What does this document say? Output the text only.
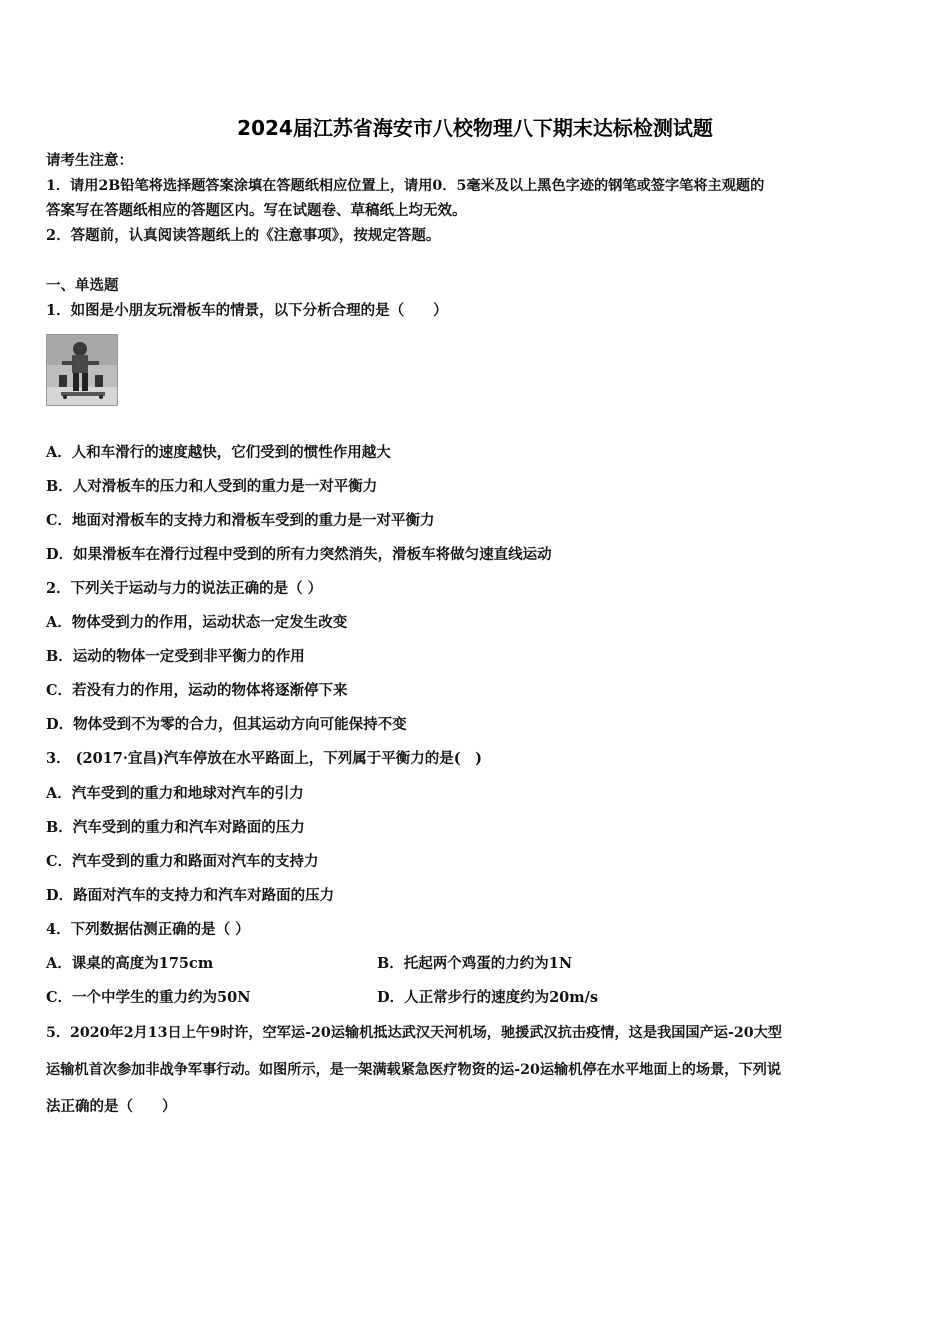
2024届江苏省海安市八校物理八下期末达标检测试题
请考生注意：
1．请用2B铅笔将选择题答案涂填在答题纸相应位置上，请用0．5毫米及以上黑色字迹的钢笔或签字笔将主观题的
答案写在答题纸相应的答题区内。写在试题卷、草稿纸上均无效。
2．答题前，认真阅读答题纸上的《注意事项》，按规定答题。
一、单选题
1．如图是小朋友玩滑板车的情景，以下分析合理的是（　　）
A．人和车滑行的速度越快，它们受到的惯性作用越大
B．人对滑板车的压力和人受到的重力是一对平衡力
C．地面对滑板车的支持力和滑板车受到的重力是一对平衡力
D．如果滑板车在滑行过程中受到的所有力突然消失，滑板车将做匀速直线运动
2．下列关于运动与力的说法正确的是（ ）
A．物体受到力的作用，运动状态一定发生改变
B．运动的物体一定受到非平衡力的作用
C．若没有力的作用，运动的物体将逐渐停下来
D．物体受到不为零的合力，但其运动方向可能保持不变
3． (2017·宜昌)汽车停放在水平路面上，下列属于平衡力的是(　)
A．汽车受到的重力和地球对汽车的引力
B．汽车受到的重力和汽车对路面的压力
C．汽车受到的重力和路面对汽车的支持力
D．路面对汽车的支持力和汽车对路面的压力
4．下列数据估测正确的是（ ）
A．课桌的高度为175cm	B．托起两个鸡蛋的力约为1N
C．一个中学生的重力约为50N	D．人正常步行的速度约为20m/s
5．2020年2月13日上午9时许，空军运-20运输机抵达武汉天河机场，驰援武汉抗击疫情，这是我国国产运-20大型
运输机首次参加非战争军事行动。如图所示，是一架满载紧急医疗物资的运-20运输机停在水平地面上的场景，下列说
法正确的是（　　）
